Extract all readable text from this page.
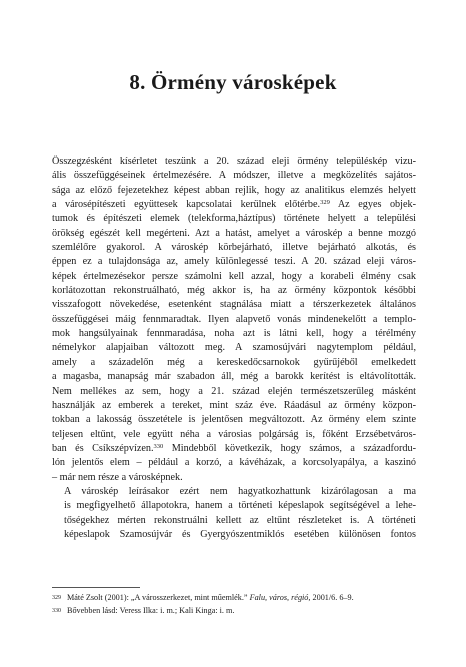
8. Örmény városképek

Összegzésként kísérletet teszünk a 20. század eleji örmény településkép vizu-
ális összefüggéseinek értelmezésére. A módszer, illetve a megközelítés sajátos-
sága az előző fejezetekhez képest abban rejlik, hogy az analitikus elemzés helyett
a városépítészeti együttesek kapcsolatai kerülnek előtérbe.$^{329}$ Az egyes objek-
tumok és építészeti elemek (telekforma,háztípus) története helyett a települési
örökség egészét kell megérteni. Azt a hatást, amelyet a városkép a benne mozgó
szemlélőre gyakorol. A városkép körbejárható, illetve bejárható alkotás, és
éppen ez a tulajdonsága az, amely különlegessé teszi. A 20. század eleji város-
képek értelmezésekor persze számolni kell azzal, hogy a korabeli élmény csak
korlátozottan rekonstruálható, még akkor is, ha az örmény központok későbbi
visszafogott növekedése, esetenként stagnálása miatt a térszerkezetek általános
összefüggései máig fennmaradtak. Ilyen alapvető vonás mindenekelőtt a templo-
mok hangsúlyainak fennmaradása, noha azt is látni kell, hogy a térélmény
némelykor alapjaiban változott meg. A szamosújvári nagytemplom például,
amely a századelőn még a kereskedőcsarnokok gyűrűjéből emelkedett
a magasba, manapság már szabadon áll, még a barokk kerítést is eltávolították.
Nem mellékes az sem, hogy a 21. század elején természetszerűleg másként
használják az emberek a tereket, mint száz éve. Ráadásul az örmény közpon-
tokban a lakosság összetétele is jelentősen megváltozott. Az örmény elem szinte
teljesen eltűnt, vele együtt néha a városias polgárság is, főként Erzsébetváros-
ban és Csíkszépvízen.$^{330}$ Mindebből következik, hogy számos, a századfordu-
lón jelentős elem – például a korzó, a kávéházak, a korcsolyapálya, a kaszinó

– már nem része a városképnek.

A városkép leírásakor ezért nem hagyatkozhattunk kizárólagosan a ma
is megfigyelhető állapotokra, hanem a történeti képeslapok segítségével a lehe-
tőségekhez mérten rekonstruálni kellett az eltűnt részleteket is. A történeti
képeslapok Szamosújvár és Gyergyószentmiklós esetében különösen fontos

$^{329}$ Máté Zsolt (2001): „A városszerkezet, mint műemlék.” Falu, város, régió, 2001/6. 6–9.
$^{330}$ Bővebben lásd: Veress Ilka: i. m.; Kali Kinga: i. m.
